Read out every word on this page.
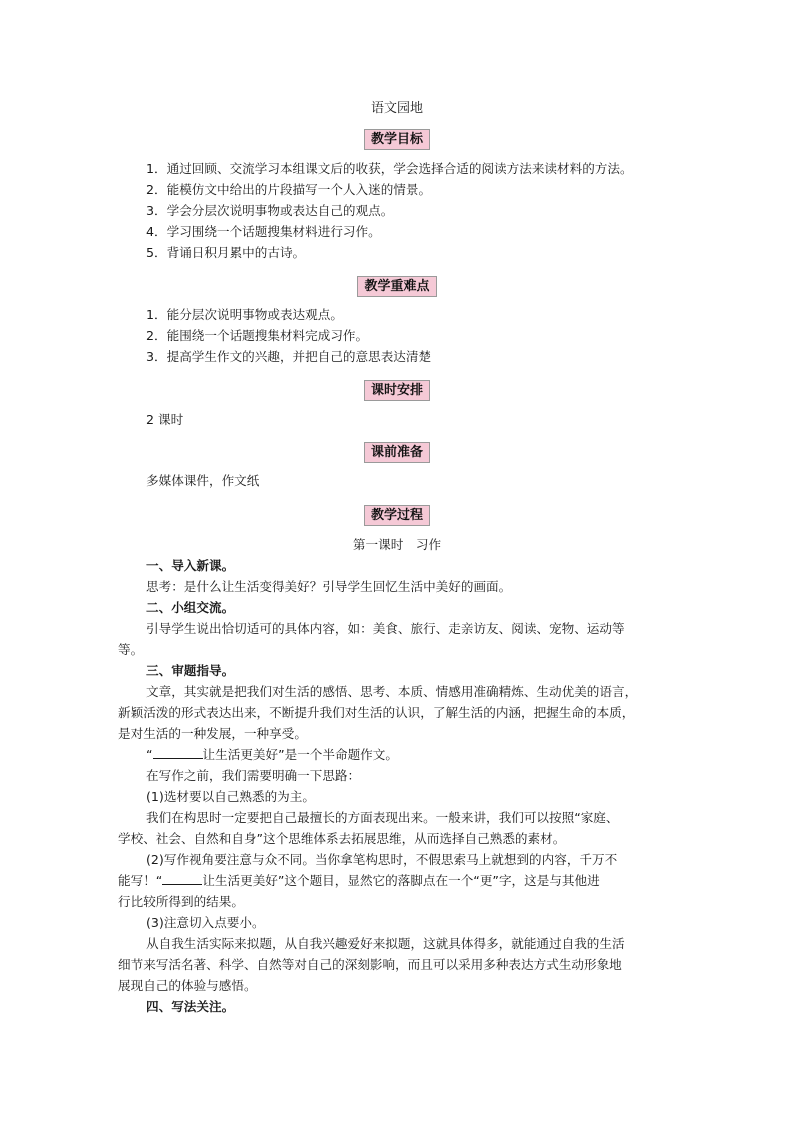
语文园地
教学目标
1．通过回顾、交流学习本组课文后的收获，学会选择合适的阅读方法来读材料的方法。
2．能模仿文中给出的片段描写一个人入迷的情景。
3．学会分层次说明事物或表达自己的观点。
4．学习围绕一个话题搜集材料进行习作。
5．背诵日积月累中的古诗。
教学重难点
1．能分层次说明事物或表达观点。
2．能围绕一个话题搜集材料完成习作。
3．提高学生作文的兴趣，并把自己的意思表达清楚
课时安排
2 课时
课前准备
多媒体课件，作文纸
教学过程
第一课时　习作
一、导入新课。
思考：是什么让生活变得美好？引导学生回忆生活中美好的画面。
二、小组交流。
引导学生说出恰切适可的具体内容，如：美食、旅行、走亲访友、阅读、宠物、运动等
等。
三、审题指导。
文章，其实就是把我们对生活的感悟、思考、本质、情感用准确精炼、生动优美的语言，
新颖活泼的形式表达出来，不断提升我们对生活的认识，了解生活的内涵，把握生命的本质，
是对生活的一种发展，一种享受。
“	让生活更美好”是一个半命题作文。
在写作之前，我们需要明确一下思路：
(1)选材要以自己熟悉的为主。
我们在构思时一定要把自己最擅长的方面表现出来。一般来讲，我们可以按照“家庭、
学校、社会、自然和自身”这个思维体系去拓展思维，从而选择自己熟悉的素材。
(2)写作视角要注意与众不同。当你拿笔构思时，不假思索马上就想到的内容，千万不
能写！“	让生活更美好”这个题目，显然它的落脚点在一个“更”字，这是与其他进
行比较所得到的结果。
(3)注意切入点要小。
从自我生活实际来拟题，从自我兴趣爱好来拟题，这就具体得多，就能通过自我的生活
细节来写活名著、科学、自然等对自己的深刻影响，而且可以采用多种表达方式生动形象地
展现自己的体验与感悟。
四、写法关注。
